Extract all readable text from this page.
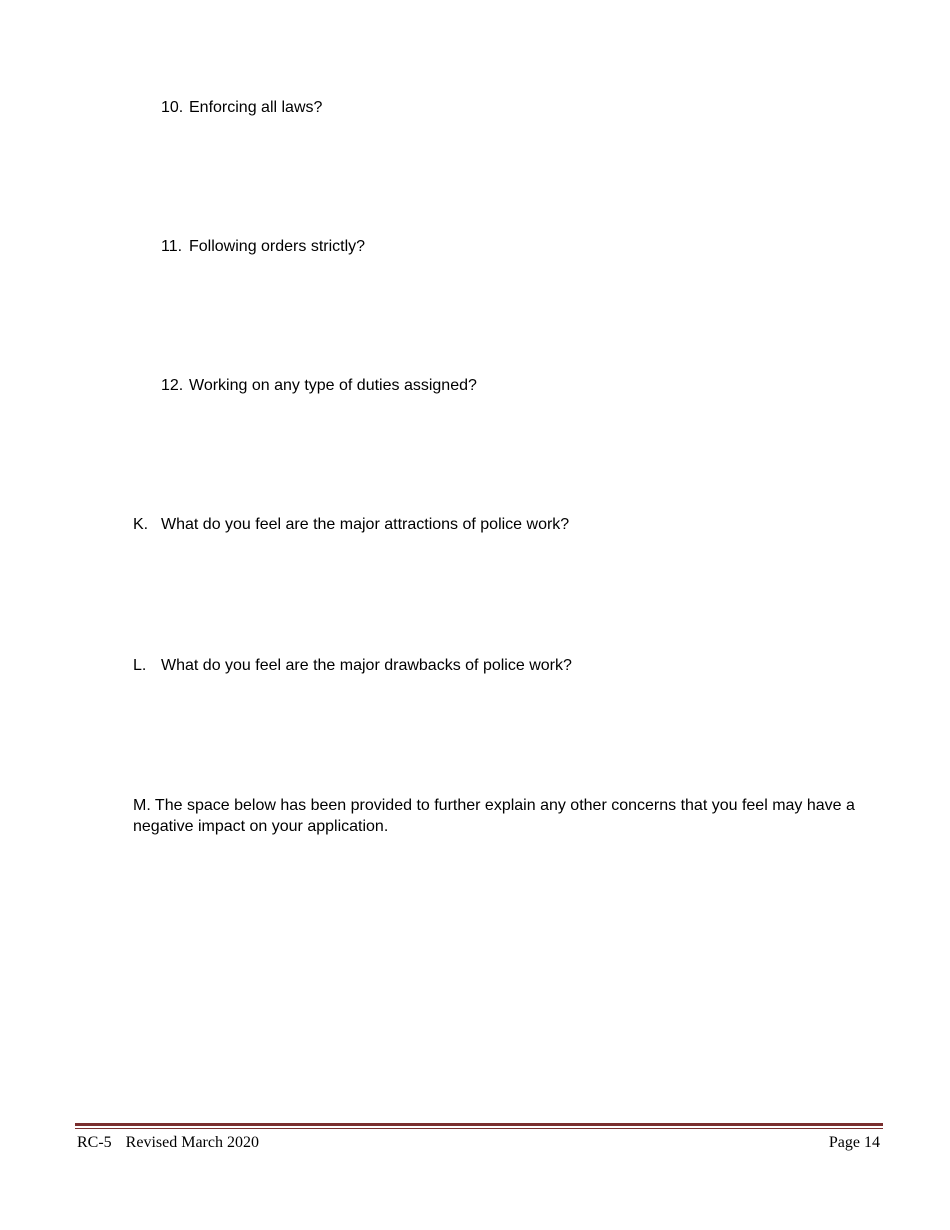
10. Enforcing all laws?
11. Following orders strictly?
12. Working on any type of duties assigned?
K. What do you feel are the major attractions of police work?
L. What do you feel are the major drawbacks of police work?
M. The space below has been provided to further explain any other concerns that you feel may have a negative impact on your application.
RC-5 Revised March 2020	Page 14
